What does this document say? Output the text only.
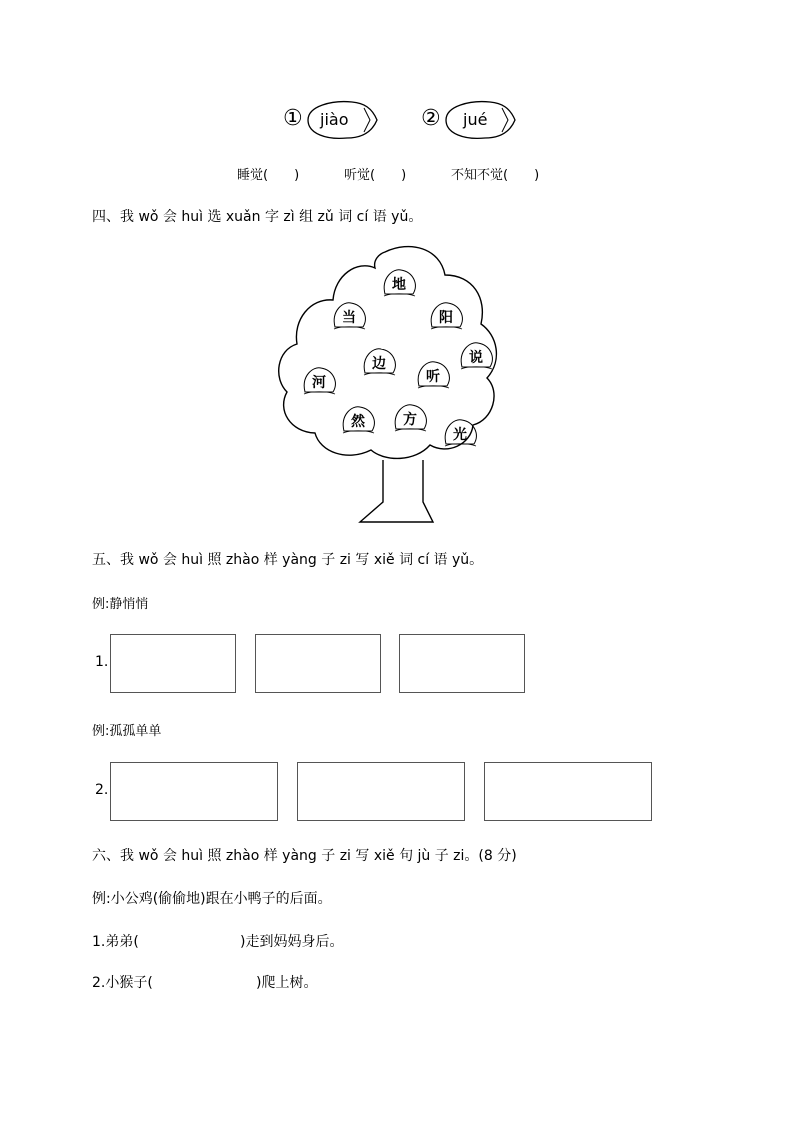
① jiào	② jué
睡觉(　　)	听觉(　　)	不知不觉(　　)
四、我 wǒ 会 huì 选 xuǎn 字 zì 组 zǔ 词 cí 语 yǔ。
地
当	阳
边	说
河	听
然	方
光
五、我 wǒ 会 huì 照 zhào 样 yàng 子 zi 写 xiě 词 cí 语 yǔ。
例:静悄悄
1.
例:孤孤单单
2.
六、我 wǒ 会 huì 照 zhào 样 yàng 子 zi 写 xiě 句 jù 子 zi。(8 分)
例:小公鸡(偷偷地)跟在小鸭子的后面。
1.弟弟(	)走到妈妈身后。
2.小猴子(	)爬上树。
